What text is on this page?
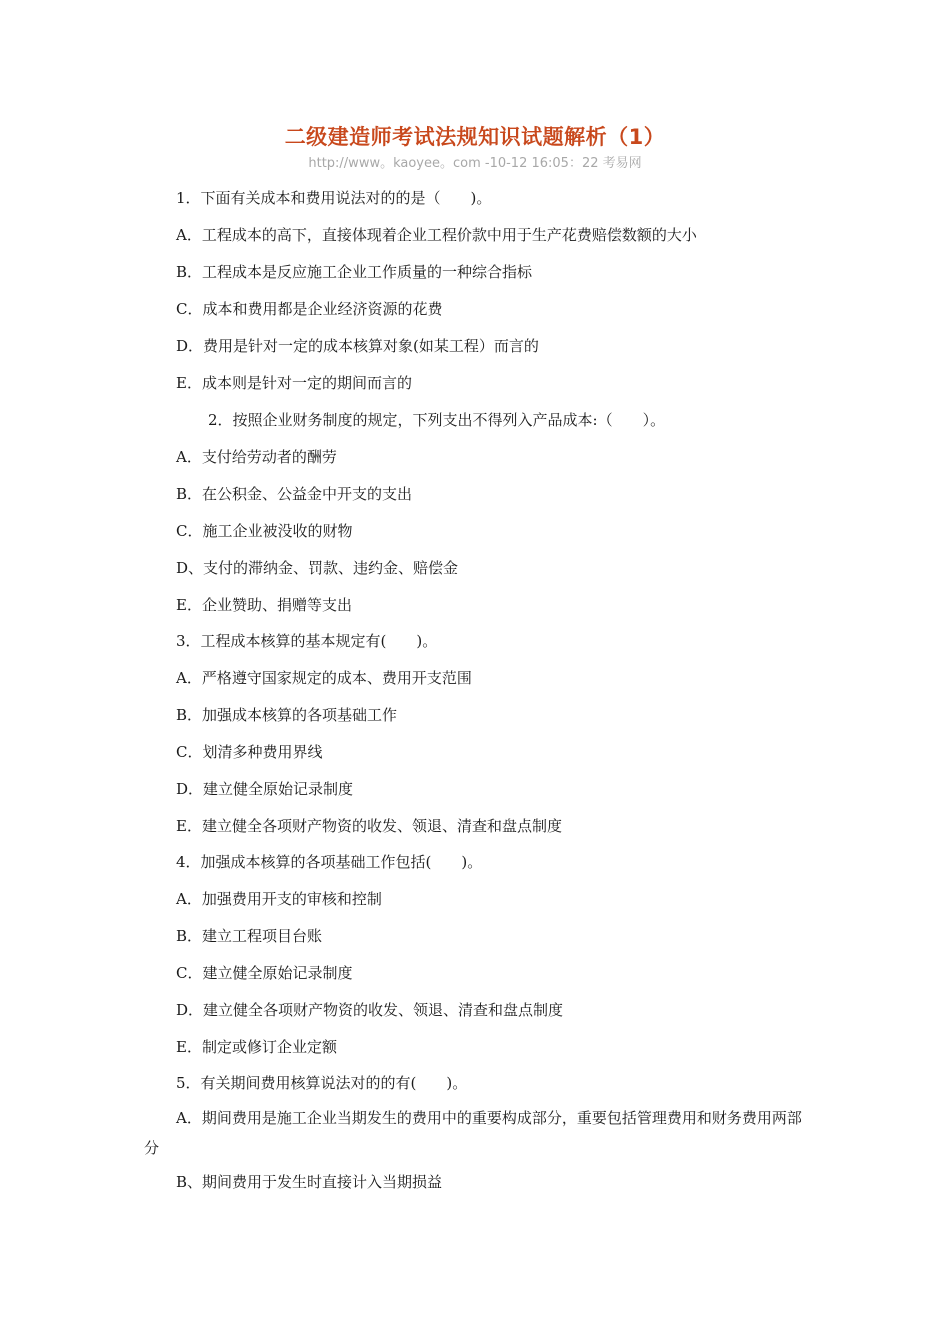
二级建造师考试法规知识试题解析（1）
http://www。kaoyee。com -10-12 16:05：22 考易网
1．下面有关成本和费用说法对的的是（　　)。
A．工程成本的高下，直接体现着企业工程价款中用于生产花费赔偿数额的大小
B．工程成本是反应施工企业工作质量的一种综合指标
C．成本和费用都是企业经济资源的花费
D．费用是针对一定的成本核算对象(如某工程）而言的
E．成本则是针对一定的期间而言的
2．按照企业财务制度的规定，下列支出不得列入产品成本:（　　）。
A．支付给劳动者的酬劳
B．在公积金、公益金中开支的支出
C．施工企业被没收的财物
D、支付的滞纳金、罚款、违约金、赔偿金
E．企业赞助、捐赠等支出
3．工程成本核算的基本规定有(　　)。
A．严格遵守国家规定的成本、费用开支范围
B．加强成本核算的各项基础工作
C．划清多种费用界线
D．建立健全原始记录制度
E．建立健全各项财产物资的收发、领退、清查和盘点制度
4．加强成本核算的各项基础工作包括(　　)。
A．加强费用开支的审核和控制
B．建立工程项目台账
C．建立健全原始记录制度
D．建立健全各项财产物资的收发、领退、清查和盘点制度
E．制定或修订企业定额
5．有关期间费用核算说法对的的有(　　)。
A．期间费用是施工企业当期发生的费用中的重要构成部分，重要包括管理费用和财务费用两部分
B、期间费用于发生时直接计入当期损益
